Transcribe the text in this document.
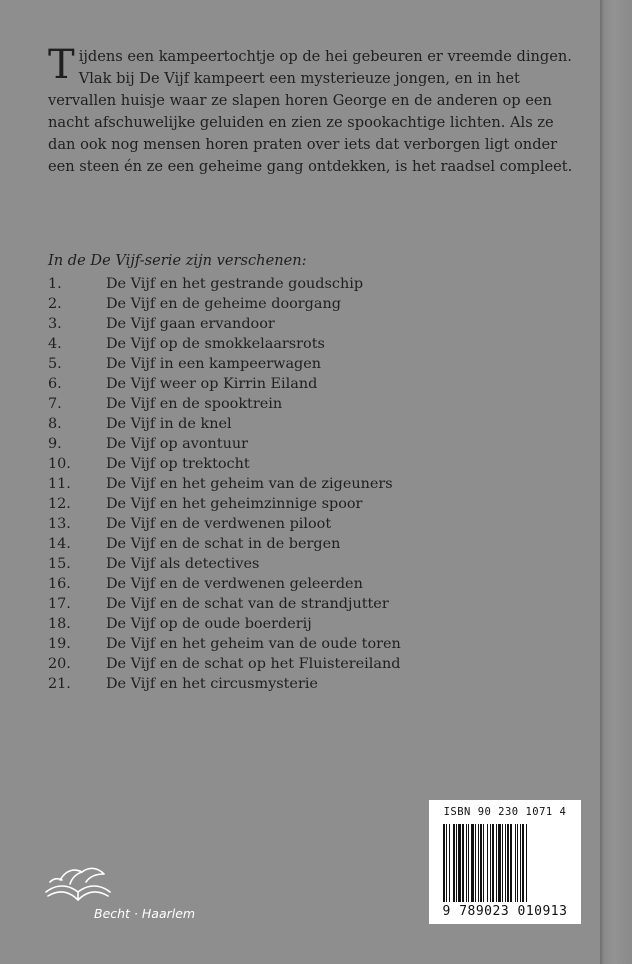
Tijdens een kampeertochtje op de hei gebeuren er vreemde dingen. Vlak bij De Vijf kampeert een mysterieuze jongen, en in het vervallen huisje waar ze slapen horen George en de anderen op een nacht afschuwelijke geluiden en zien ze spookachtige lichten. Als ze dan ook nog mensen horen praten over iets dat verborgen ligt onder een steen én ze een geheime gang ontdekken, is het raadsel compleet.

In de De Vijf-serie zijn verschenen:

1.	De Vijf en het gestrande goudschip
2.	De Vijf en de geheime doorgang
3.	De Vijf gaan ervandoor
4.	De Vijf op de smokkelaarsrots
5.	De Vijf in een kampeerwagen
6.	De Vijf weer op Kirrin Eiland
7.	De Vijf en de spooktrein
8.	De Vijf in de knel
9.	De Vijf op avontuur
10. De Vijf op trektocht
11. De Vijf en het geheim van de zigeuners
12. De Vijf en het geheimzinnige spoor
13. De Vijf en de verdwenen piloot
14. De Vijf en de schat in de bergen
15. De Vijf als detectives
16. De Vijf en de verdwenen geleerden
17. De Vijf en de schat van de strandjutter
18. De Vijf op de oude boerderij
19. De Vijf en het geheim van de oude toren
20. De Vijf en de schat op het Fluistereiland
21. De Vijf en het circusmysterie
ISBN 90 230 1071 4
9 789023 010913

Becht · Haarlem
